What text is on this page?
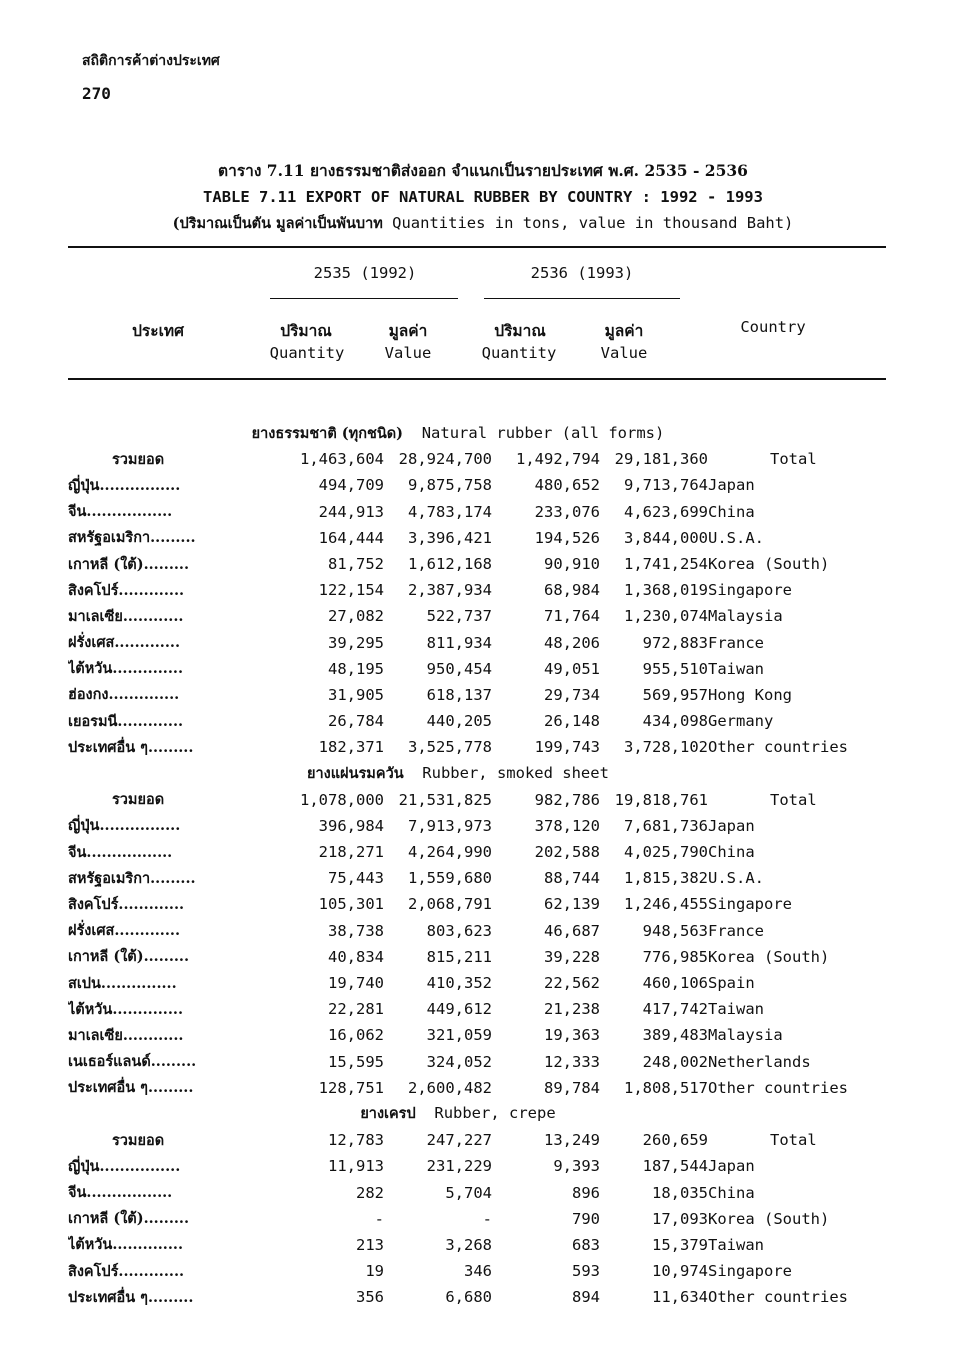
สถิติการค้าต่างประเทศ
270
ตาราง 7.11 ยางธรรมชาติส่งออก จำแนกเป็นรายประเทศ พ.ศ. 2535 - 2536
TABLE 7.11 EXPORT OF NATURAL RUBBER BY COUNTRY : 1992 - 1993
(ปริมาณเป็นตัน มูลค่าเป็นพันบาท Quantities in tons, value in thousand Baht)
2535 (1992)	2536 (1993)
ประเทศ	ปริมาณ	มูลค่า	ปริมาณ	มูลค่า	Country
Quantity	Value	Quantity	Value
ยางธรรมชาติ (ทุกชนิด) Natural rubber (all forms)					
รวมยอด	1,463,604	28,924,700	1,492,794	29,181,360	Total
ญี่ปุ่น................	494,709	9,875,758	480,652	9,713,764	Japan
จีน.................	244,913	4,783,174	233,076	4,623,699	China
สหรัฐอเมริกา.........	164,444	3,396,421	194,526	3,844,000	U.S.A.
เกาหลี (ใต้).........	81,752	1,612,168	90,910	1,741,254	Korea (South)
สิงคโปร์.............	122,154	2,387,934	68,984	1,368,019	Singapore
มาเลเซีย............	27,082	522,737	71,764	1,230,074	Malaysia
ฝรั่งเศส.............	39,295	811,934	48,206	972,883	France
ไต้หวัน..............	48,195	950,454	49,051	955,510	Taiwan
ฮ่องกง..............	31,905	618,137	29,734	569,957	Hong Kong
เยอรมนี.............	26,784	440,205	26,148	434,098	Germany
ประเทศอื่น ๆ.........	182,371	3,525,778	199,743	3,728,102	Other countries
ยางแผ่นรมควัน Rubber, smoked sheet					
รวมยอด	1,078,000	21,531,825	982,786	19,818,761	Total
ญี่ปุ่น................	396,984	7,913,973	378,120	7,681,736	Japan
จีน.................	218,271	4,264,990	202,588	4,025,790	China
สหรัฐอเมริกา.........	75,443	1,559,680	88,744	1,815,382	U.S.A.
สิงคโปร์.............	105,301	2,068,791	62,139	1,246,455	Singapore
ฝรั่งเศส.............	38,738	803,623	46,687	948,563	France
เกาหลี (ใต้).........	40,834	815,211	39,228	776,985	Korea (South)
สเปน...............	19,740	410,352	22,562	460,106	Spain
ไต้หวัน..............	22,281	449,612	21,238	417,742	Taiwan
มาเลเซีย............	16,062	321,059	19,363	389,483	Malaysia
เนเธอร์แลนด์.........	15,595	324,052	12,333	248,002	Netherlands
ประเทศอื่น ๆ.........	128,751	2,600,482	89,784	1,808,517	Other countries
ยางเครป Rubber, crepe					
รวมยอด	12,783	247,227	13,249	260,659	Total
ญี่ปุ่น................	11,913	231,229	9,393	187,544	Japan
จีน.................	282	5,704	896	18,035	China
เกาหลี (ใต้).........	-	-	790	17,093	Korea (South)
ไต้หวัน..............	213	3,268	683	15,379	Taiwan
สิงคโปร์.............	19	346	593	10,974	Singapore
ประเทศอื่น ๆ.........	356	6,680	894	11,634	Other countries
